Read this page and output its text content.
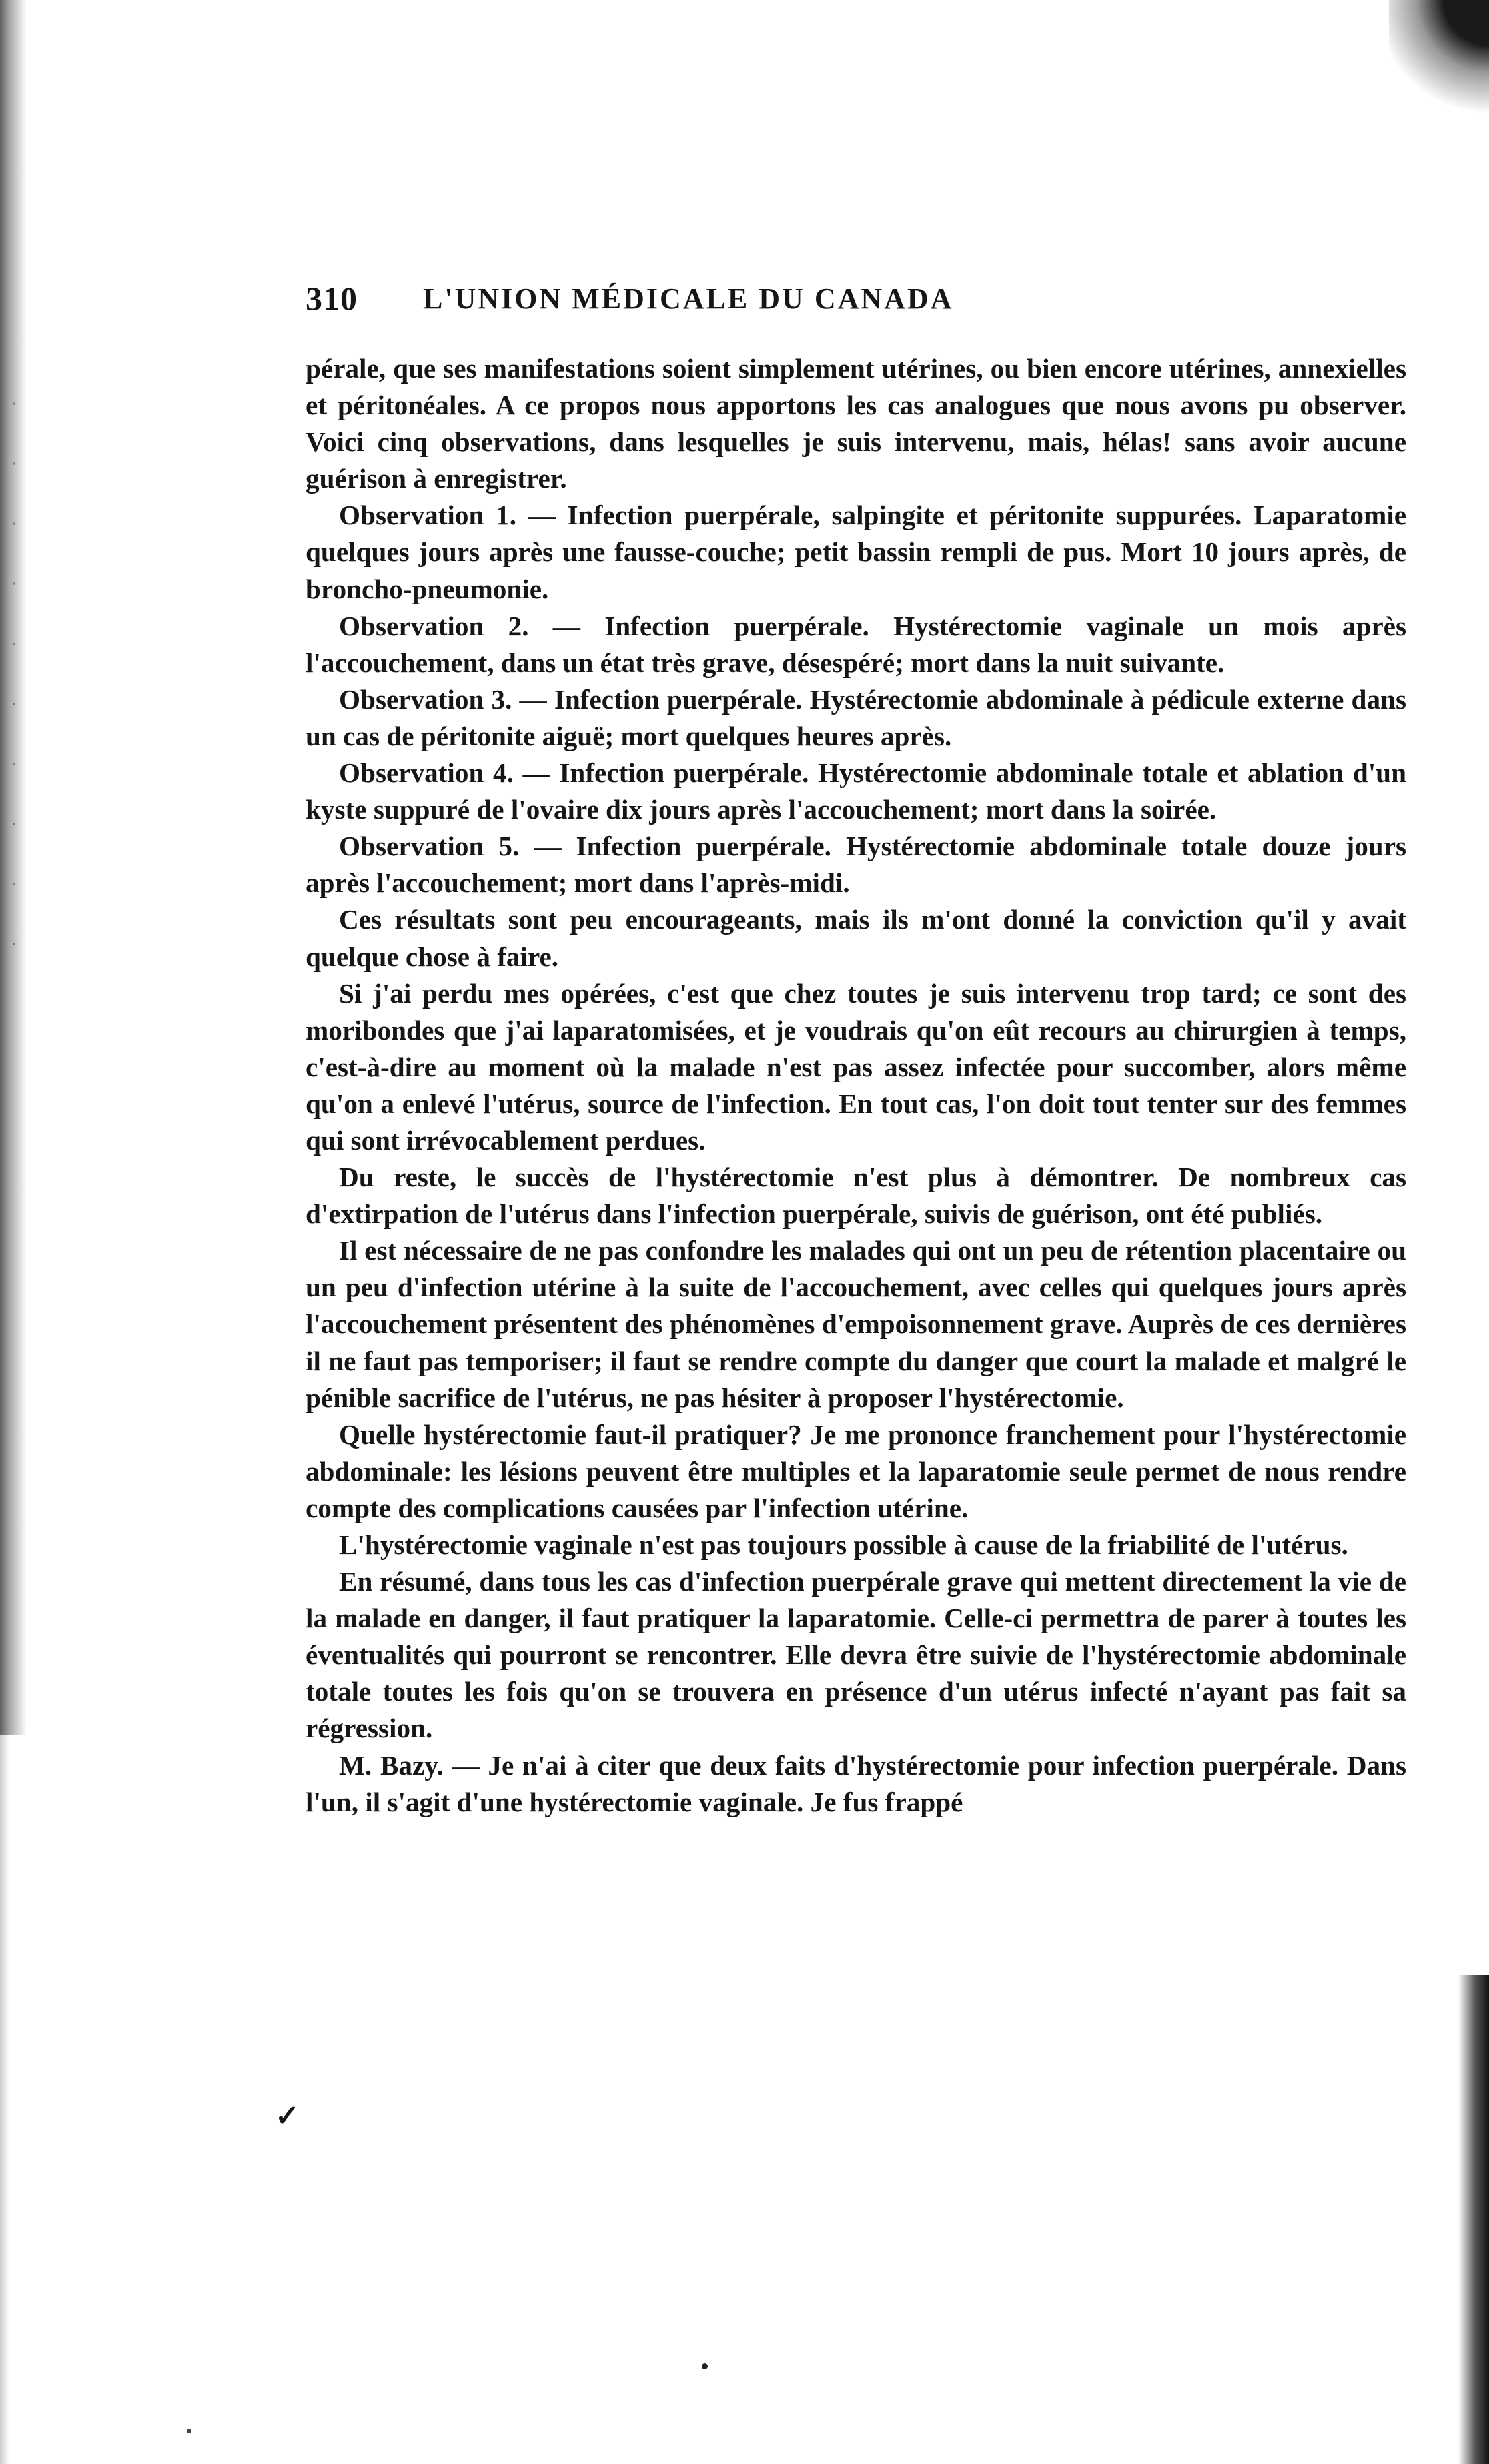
310 L'UNION MÉDICALE DU CANADA

pérale, que ses manifestations soient simplement utérines, ou bien encore utérines, annexielles et péritonéales. A ce propos nous apportons les cas analogues que nous avons pu observer. Voici cinq observations, dans lesquelles je suis intervenu, mais, hélas! sans avoir aucune guérison à enregistrer.

Observation 1. — Infection puerpérale, salpingite et péritonite suppurées. Laparatomie quelques jours après une fausse-couche; petit bassin rempli de pus. Mort 10 jours après, de broncho-pneumonie.

Observation 2. — Infection puerpérale. Hystérectomie vaginale un mois après l'accouchement, dans un état très grave, désespéré; mort dans la nuit suivante.

Observation 3. — Infection puerpérale. Hystérectomie abdominale à pédicule externe dans un cas de péritonite aiguë; mort quelques heures après.

Observation 4. — Infection puerpérale. Hystérectomie abdominale totale et ablation d'un kyste suppuré de l'ovaire dix jours après l'accouchement; mort dans la soirée.

Observation 5. — Infection puerpérale. Hystérectomie abdominale totale douze jours après l'accouchement; mort dans l'après-midi.

Ces résultats sont peu encourageants, mais ils m'ont donné la conviction qu'il y avait quelque chose à faire.

Si j'ai perdu mes opérées, c'est que chez toutes je suis intervenu trop tard; ce sont des moribondes que j'ai laparatomisées, et je voudrais qu'on eût recours au chirurgien à temps, c'est-à-dire au moment où la malade n'est pas assez infectée pour succomber, alors même qu'on a enlevé l'utérus, source de l'infection. En tout cas, l'on doit tout tenter sur des femmes qui sont irrévocablement perdues.

Du reste, le succès de l'hystérectomie n'est plus à démontrer. De nombreux cas d'extirpation de l'utérus dans l'infection puerpérale, suivis de guérison, ont été publiés.

Il est nécessaire de ne pas confondre les malades qui ont un peu de rétention placentaire ou un peu d'infection utérine à la suite de l'accouchement, avec celles qui quelques jours après l'accouchement présentent des phénomènes d'empoisonnement grave. Auprès de ces dernières il ne faut pas temporiser; il faut se rendre compte du danger que court la malade et malgré le pénible sacrifice de l'utérus, ne pas hésiter à proposer l'hystérectomie.

Quelle hystérectomie faut-il pratiquer? Je me prononce franchement pour l'hystérectomie abdominale: les lésions peuvent être multiples et la laparatomie seule permet de nous rendre compte des complications causées par l'infection utérine.

L'hystérectomie vaginale n'est pas toujours possible à cause de la friabilité de l'utérus.

En résumé, dans tous les cas d'infection puerpérale grave qui mettent directement la vie de la malade en danger, il faut pratiquer la laparatomie. Celle-ci permettra de parer à toutes les éventualités qui pourront se rencontrer. Elle devra être suivie de l'hystérectomie abdominale totale toutes les fois qu'on se trouvera en présence d'un utérus infecté n'ayant pas fait sa régression.

M. Bazy. — Je n'ai à citer que deux faits d'hystérectomie pour infection puerpérale. Dans l'un, il s'agit d'une hystérectomie vaginale. Je fus frappé

✓
